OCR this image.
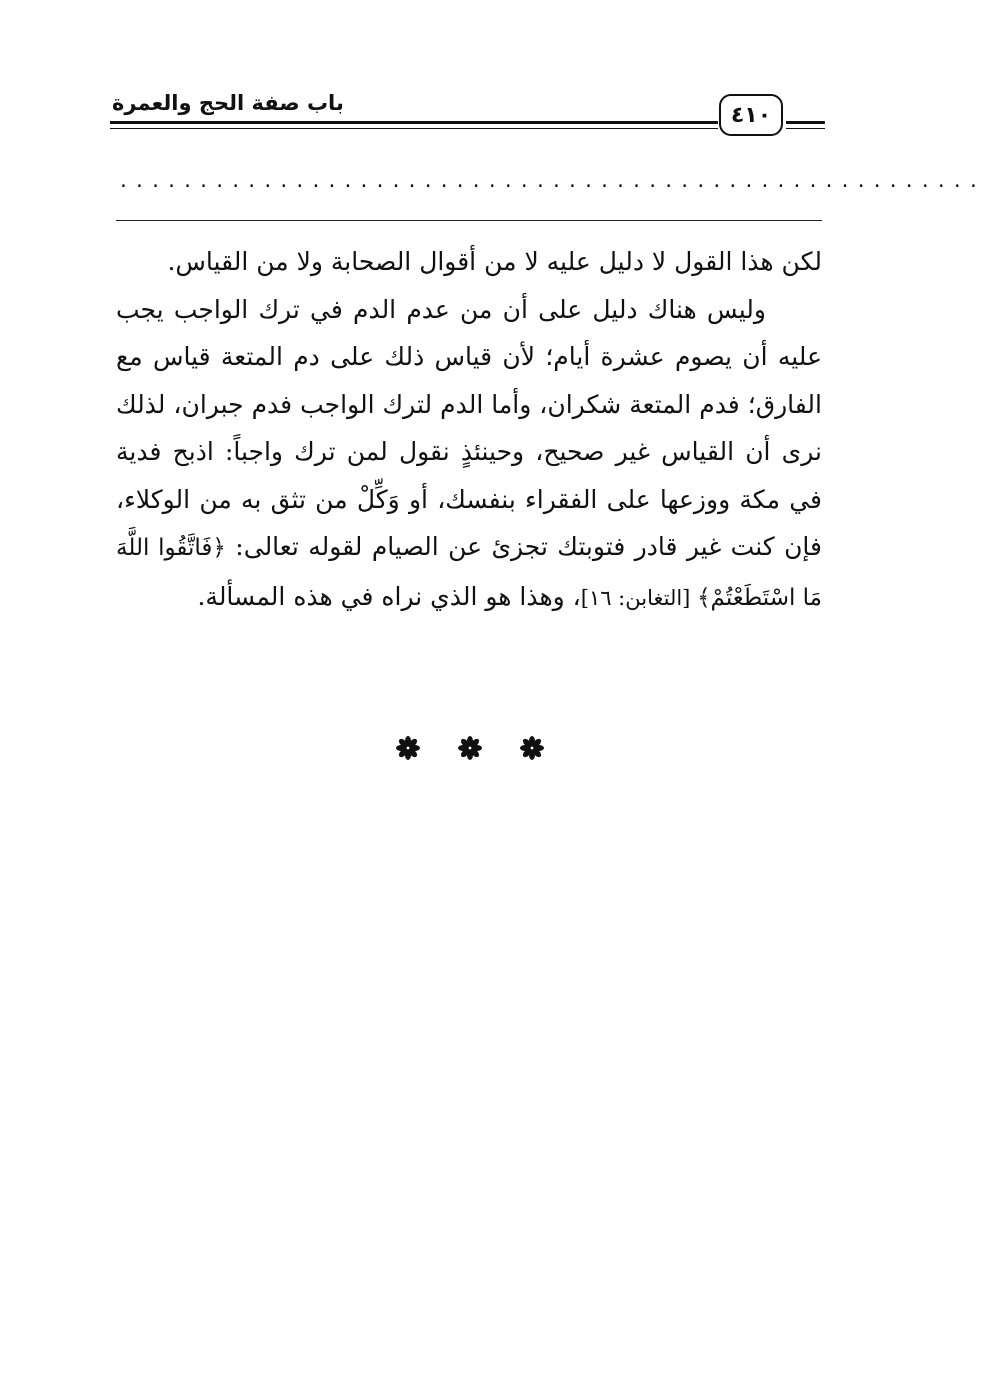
باب صفة الحج والعمرة	٤١٠
......................................................

لكن هذا القول لا دليل عليه لا من أقوال الصحابة ولا من القياس.

وليس هناك دليل على أن من عدم الدم في ترك الواجب يجب عليه أن يصوم عشرة أيام؛ لأن قياس ذلك على دم المتعة قياس مع الفارق؛ فدم المتعة شكران، وأما الدم لترك الواجب فدم جبران، لذلك نرى أن القياس غير صحيح، وحينئذٍ نقول لمن ترك واجباً: اذبح فدية في مكة ووزعها على الفقراء بنفسك، أو وَكِّلْ من تثق به من الوكلاء، فإن كنت غير قادر فتوبتك تجزئ عن الصيام لقوله تعالى: ﴿فَاتَّقُوا اللَّهَ مَا اسْتَطَعْتُمْ﴾ [التغابن: ١٦]، وهذا هو الذي نراه في هذه المسألة.
